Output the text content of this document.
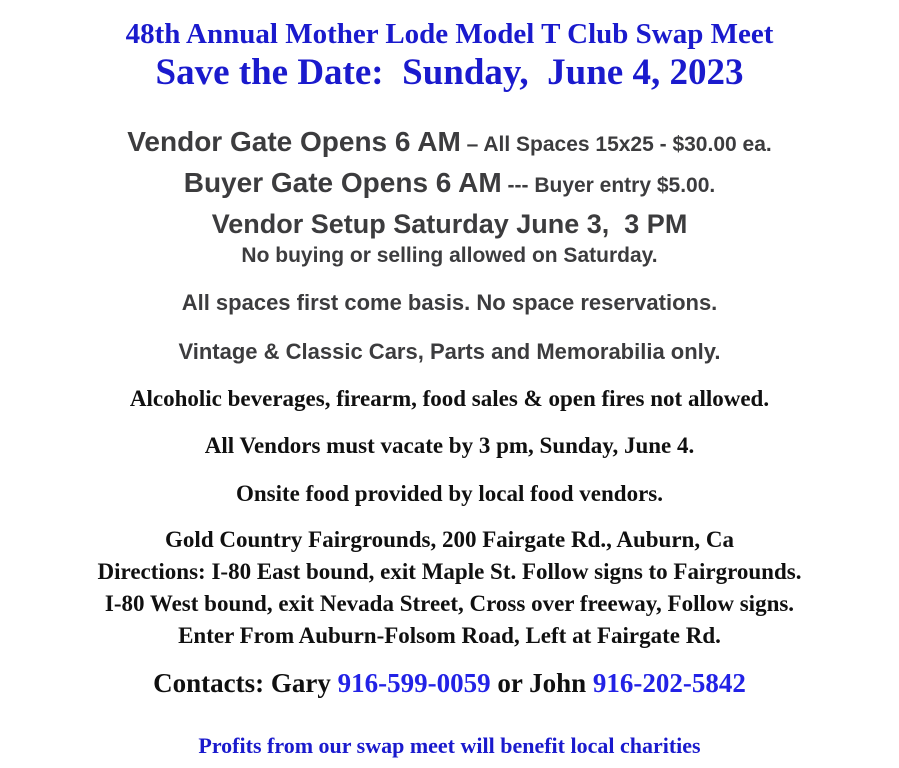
48th Annual Mother Lode Model T Club Swap Meet
Save the Date:  Sunday,  June 4, 2023
Vendor Gate Opens 6 AM – All Spaces 15x25 - $30.00 ea.
Buyer Gate Opens 6 AM --- Buyer entry $5.00.
Vendor Setup Saturday June 3,  3 PM
No buying or selling allowed on Saturday.
All spaces first come basis. No space reservations.
Vintage & Classic Cars, Parts and Memorabilia only.
Alcoholic beverages, firearm, food sales & open fires not allowed.
All Vendors must vacate by 3 pm, Sunday, June 4.
Onsite food provided by local food vendors.
Gold Country Fairgrounds, 200 Fairgate Rd., Auburn, Ca
Directions: I-80 East bound, exit Maple St. Follow signs to Fairgrounds.
I-80 West bound, exit Nevada Street, Cross over freeway, Follow signs.
Enter From Auburn-Folsom Road, Left at Fairgate Rd.
Contacts: Gary 916-599-0059 or John 916-202-5842
Profits from our swap meet will benefit local charities
